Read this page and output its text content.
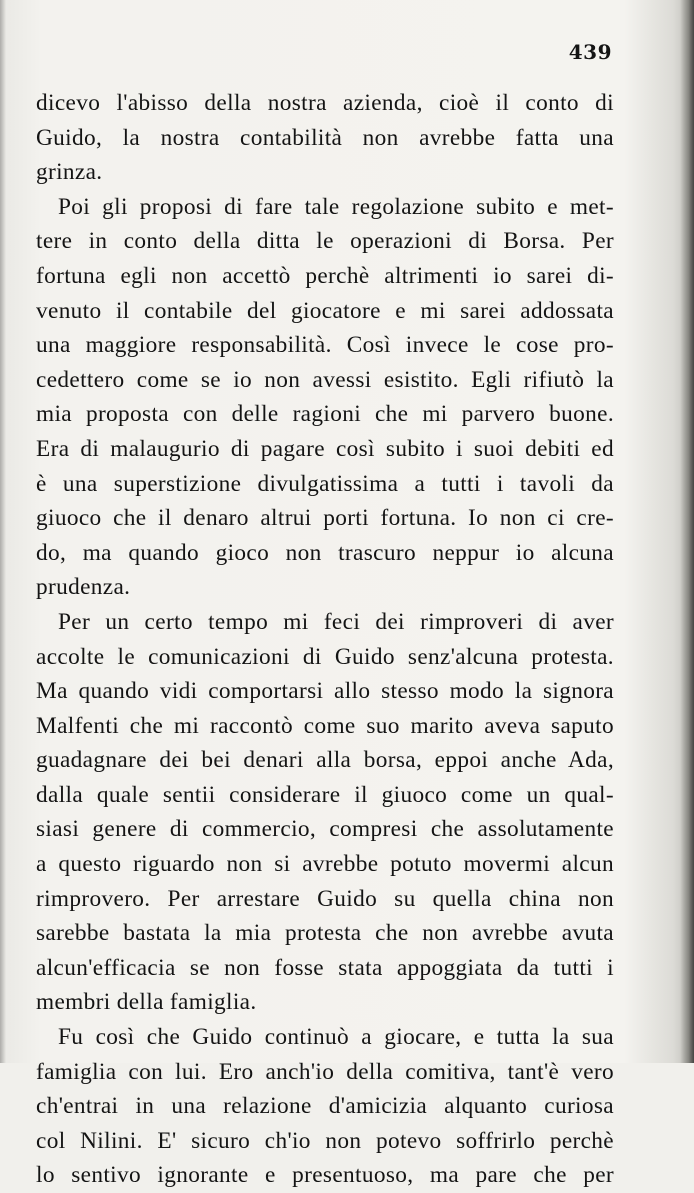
439
dicevo l'abisso della nostra azienda, cioè il conto di
Guido, la nostra contabilità non avrebbe fatta una
grinza.
Poi gli proposi di fare tale regolazione subito e met-
tere in conto della ditta le operazioni di Borsa. Per
fortuna egli non accettò perchè altrimenti io sarei di-
venuto il contabile del giocatore e mi sarei addossata
una maggiore responsabilità. Così invece le cose pro-
cedettero come se io non avessi esistito. Egli rifiutò la
mia proposta con delle ragioni che mi parvero buone.
Era di malaugurio di pagare così subito i suoi debiti ed
è una superstizione divulgatissima a tutti i tavoli da
giuoco che il denaro altrui porti fortuna. Io non ci cre-
do, ma quando gioco non trascuro neppur io alcuna
prudenza.
Per un certo tempo mi feci dei rimproveri di aver
accolte le comunicazioni di Guido senz'alcuna protesta.
Ma quando vidi comportarsi allo stesso modo la signora
Malfenti che mi raccontò come suo marito aveva saputo
guadagnare dei bei denari alla borsa, eppoi anche Ada,
dalla quale sentii considerare il giuoco come un qual-
siasi genere di commercio, compresi che assolutamente
a questo riguardo non si avrebbe potuto movermi alcun
rimprovero. Per arrestare Guido su quella china non
sarebbe bastata la mia protesta che non avrebbe avuta
alcun'efficacia se non fosse stata appoggiata da tutti i
membri della famiglia.
Fu così che Guido continuò a giocare, e tutta la sua
famiglia con lui. Ero anch'io della comitiva, tant'è vero
ch'entrai in una relazione d'amicizia alquanto curiosa
col Nilini. E' sicuro ch'io non potevo soffrirlo perchè
lo sentivo ignorante e presentuoso, ma pare che per
